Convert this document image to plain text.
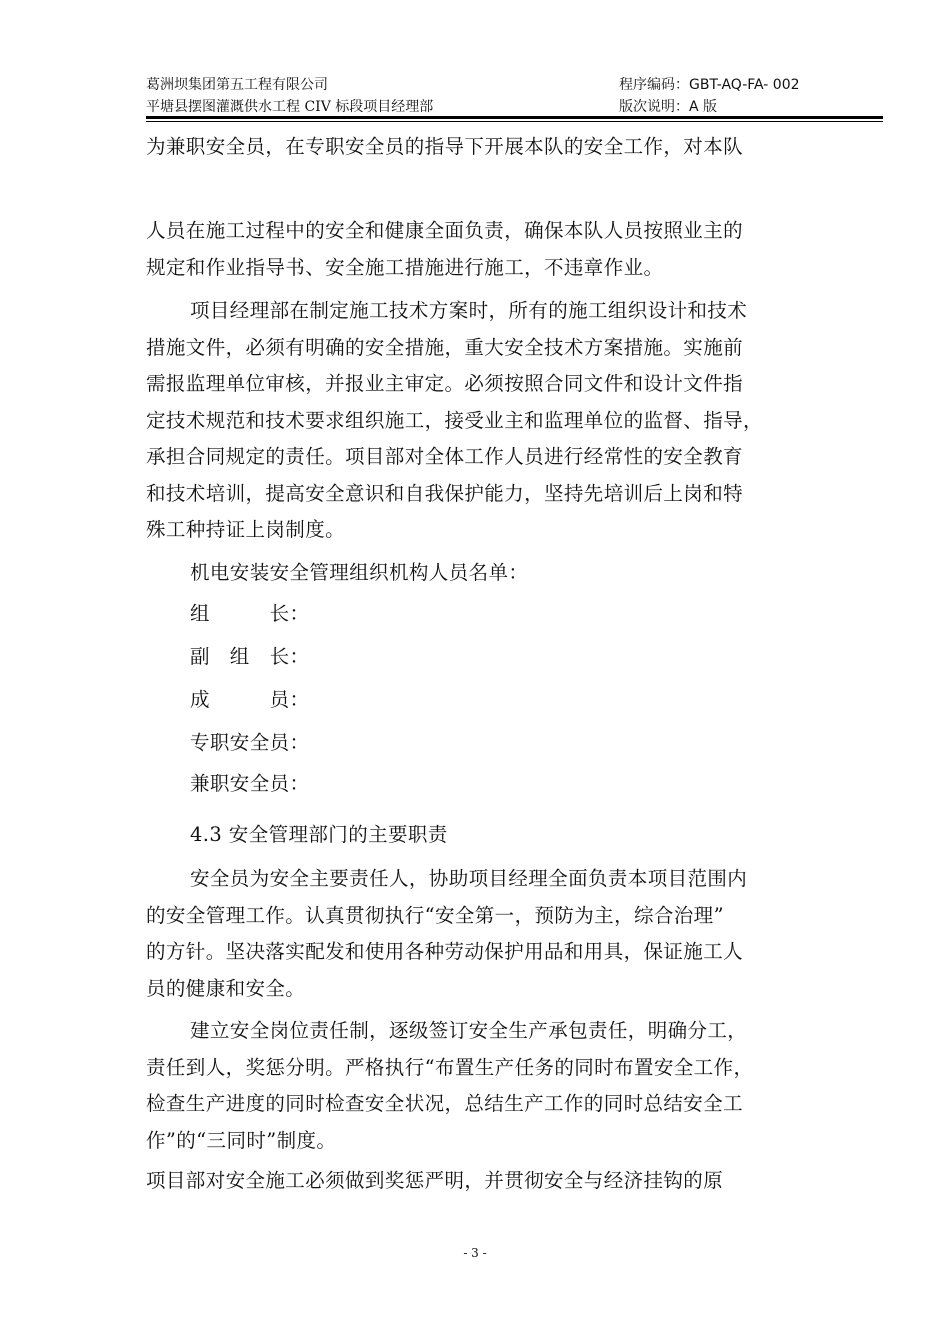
葛洲坝集团第五工程有限公司
平塘县摆图灌溉供水工程 CIV 标段项目经理部
程序编码：GBT-AQ-FA- 002
版次说明：A 版
为兼职安全员，在专职安全员的指导下开展本队的安全工作，对本队
人员在施工过程中的安全和健康全面负责，确保本队人员按照业主的
规定和作业指导书、安全施工措施进行施工，不违章作业。
项目经理部在制定施工技术方案时，所有的施工组织设计和技术
措施文件，必须有明确的安全措施，重大安全技术方案措施。实施前
需报监理单位审核，并报业主审定。必须按照合同文件和设计文件指
定技术规范和技术要求组织施工，接受业主和监理单位的监督、指导，
承担合同规定的责任。项目部对全体工作人员进行经常性的安全教育
和技术培训，提高安全意识和自我保护能力，坚持先培训后上岗和特
殊工种持证上岗制度。
机电安装安全管理组织机构人员名单：
组　　　长：
副　组　长：
成　　　员：
专职安全员：
兼职安全员：
4.3 安全管理部门的主要职责
安全员为安全主要责任人，协助项目经理全面负责本项目范围内
的安全管理工作。认真贯彻执行“安全第一，预防为主，综合治理”
的方针。坚决落实配发和使用各种劳动保护用品和用具，保证施工人
员的健康和安全。
建立安全岗位责任制，逐级签订安全生产承包责任，明确分工，
责任到人，奖惩分明。严格执行“布置生产任务的同时布置安全工作，
检查生产进度的同时检查安全状况，总结生产工作的同时总结安全工
作”的“三同时”制度。
项目部对安全施工必须做到奖惩严明，并贯彻安全与经济挂钩的原
- 3 -
